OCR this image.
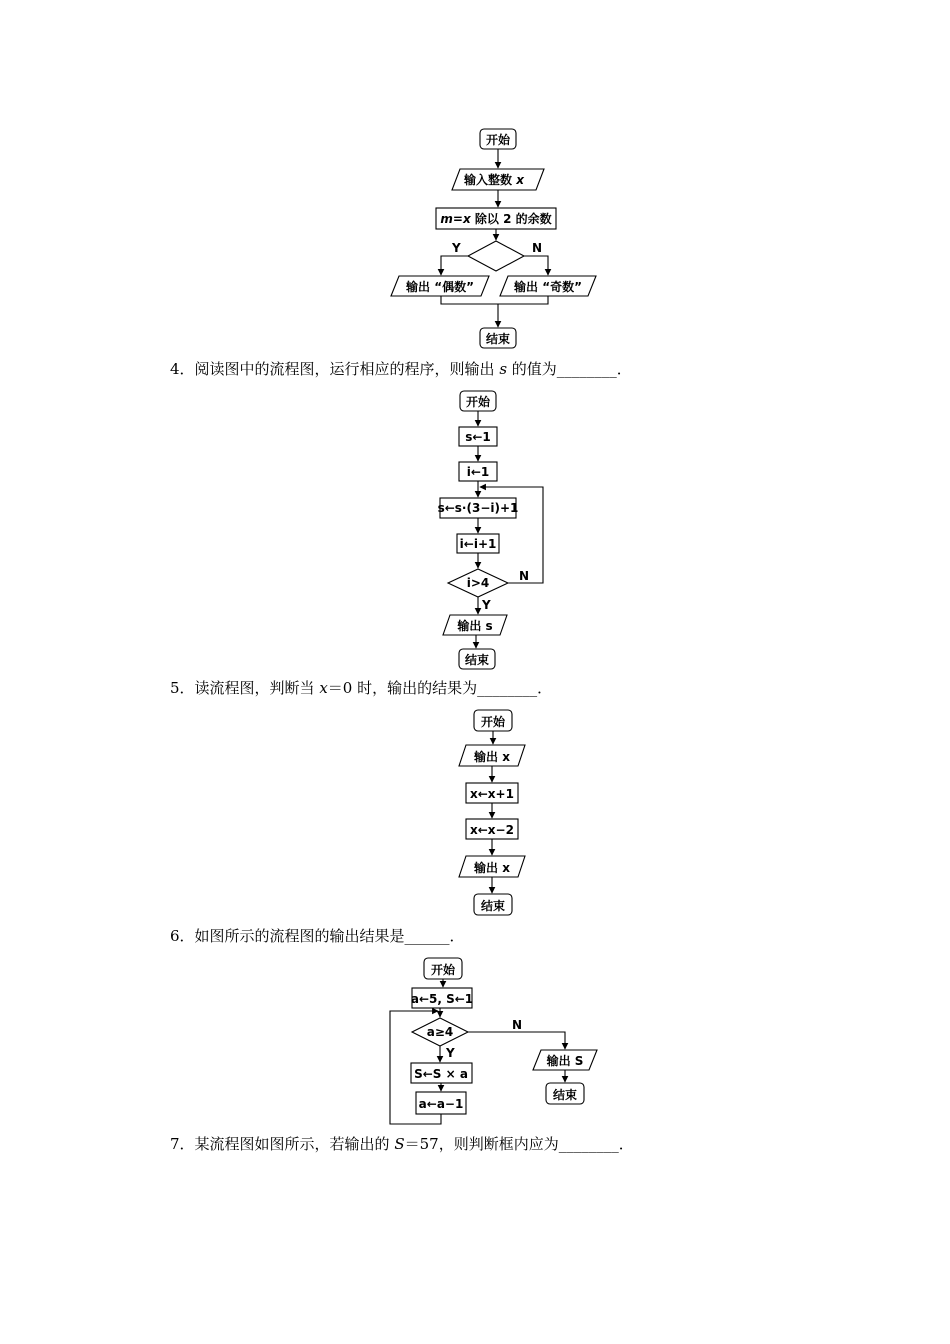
开始
输入整数 x
m=x 除以 2 的余数
Y	N
输出 “偶数”	输出 “奇数”
结束
开始
s←1
i←1
s←s·(3−i)+1
i←i+1
i>4 N
Y
输出 s
结束
开始
输出 x
x←x+1
x←x−2
输出 x
结束
开始
a←5, S←1
a≥4	N
Y
S←S × a
a←a−1
输出 S
结束
4．阅读图中的流程图，运行相应的程序，则输出 s 的值为________．
5．读流程图，判断当 x＝0 时，输出的结果为________．
6．如图所示的流程图的输出结果是______．
7．某流程图如图所示，若输出的 S＝57，则判断框内应为________．
